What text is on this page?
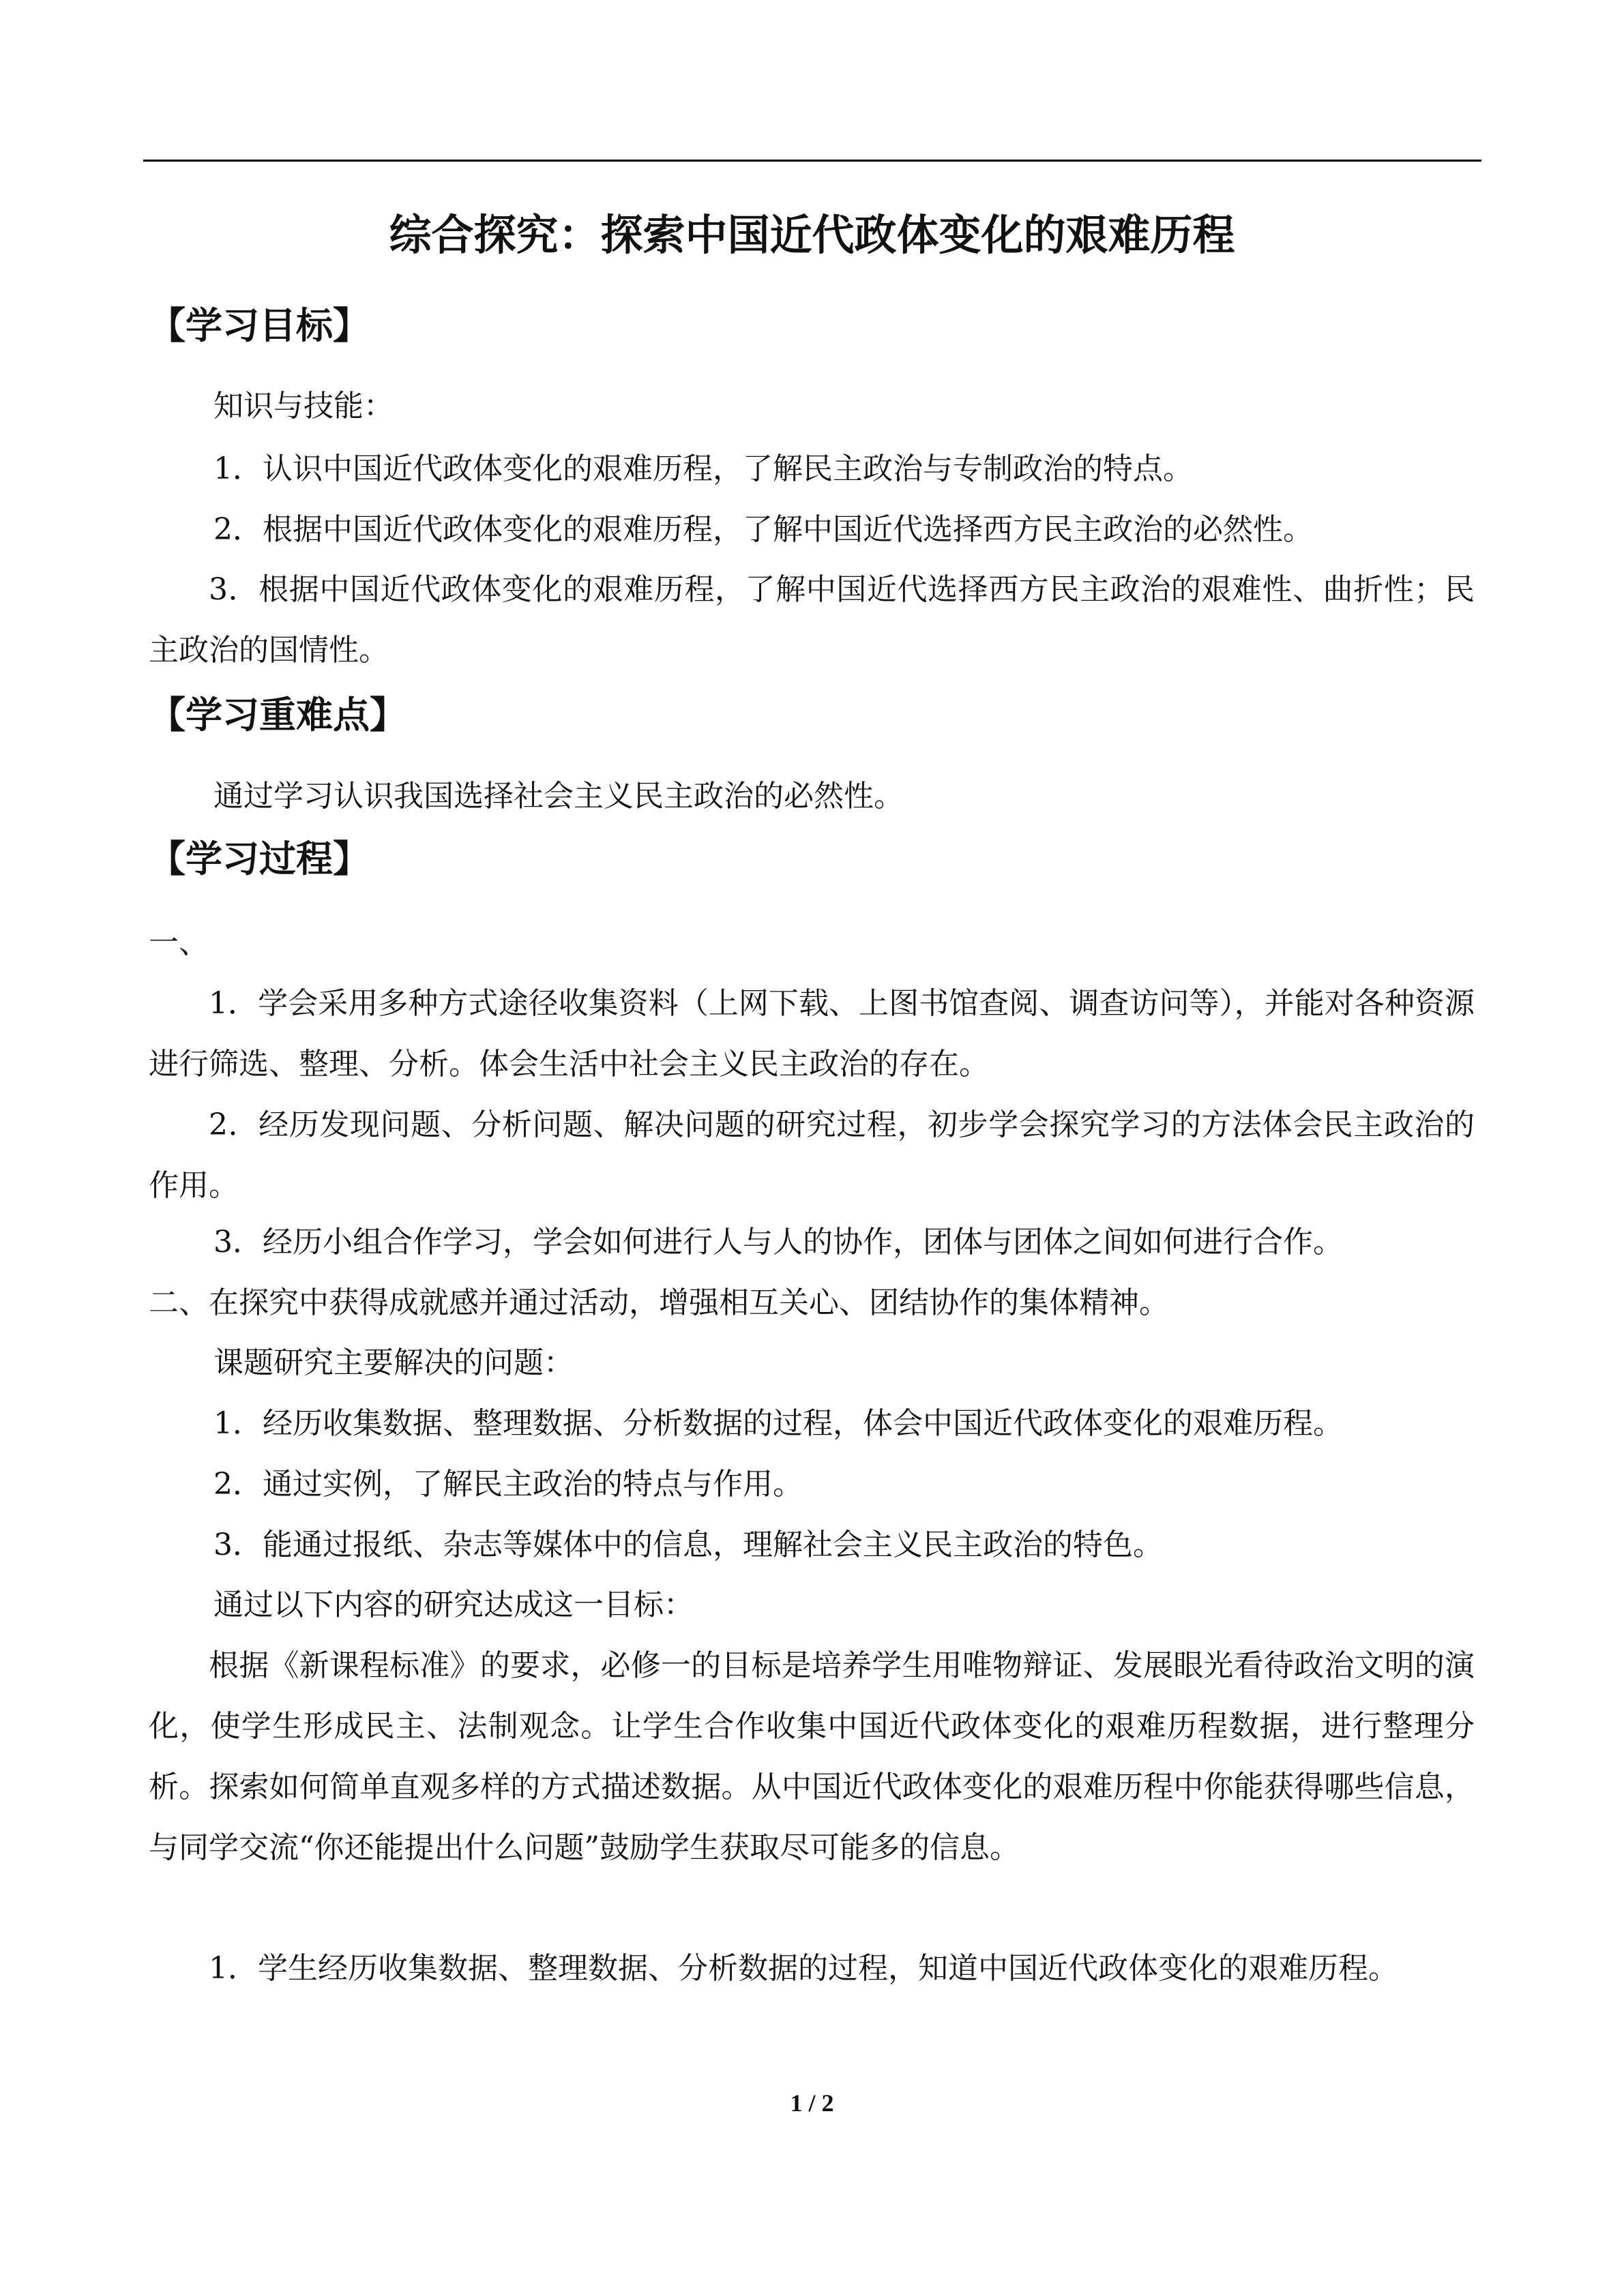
综合探究：探索中国近代政体变化的艰难历程
【学习目标】
知识与技能：
1．认识中国近代政体变化的艰难历程，了解民主政治与专制政治的特点。
2．根据中国近代政体变化的艰难历程，了解中国近代选择西方民主政治的必然性。
3．根据中国近代政体变化的艰难历程，了解中国近代选择西方民主政治的艰难性、曲折性；民主政治的国情性。
【学习重难点】
通过学习认识我国选择社会主义民主政治的必然性。
【学习过程】
一、
1．学会采用多种方式途径收集资料（上网下载、上图书馆查阅、调查访问等），并能对各种资源进行筛选、整理、分析。体会生活中社会主义民主政治的存在。
2．经历发现问题、分析问题、解决问题的研究过程，初步学会探究学习的方法体会民主政治的作用。
3．经历小组合作学习，学会如何进行人与人的协作，团体与团体之间如何进行合作。
二、在探究中获得成就感并通过活动，增强相互关心、团结协作的集体精神。
课题研究主要解决的问题：
1．经历收集数据、整理数据、分析数据的过程，体会中国近代政体变化的艰难历程。
2．通过实例，了解民主政治的特点与作用。
3．能通过报纸、杂志等媒体中的信息，理解社会主义民主政治的特色。
通过以下内容的研究达成这一目标：
根据《新课程标准》的要求，必修一的目标是培养学生用唯物辩证、发展眼光看待政治文明的演化，使学生形成民主、法制观念。让学生合作收集中国近代政体变化的艰难历程数据，进行整理分析。探索如何简单直观多样的方式描述数据。从中国近代政体变化的艰难历程中你能获得哪些信息，与同学交流“你还能提出什么问题”鼓励学生获取尽可能多的信息。
1．学生经历收集数据、整理数据、分析数据的过程，知道中国近代政体变化的艰难历程。
1 / 2
